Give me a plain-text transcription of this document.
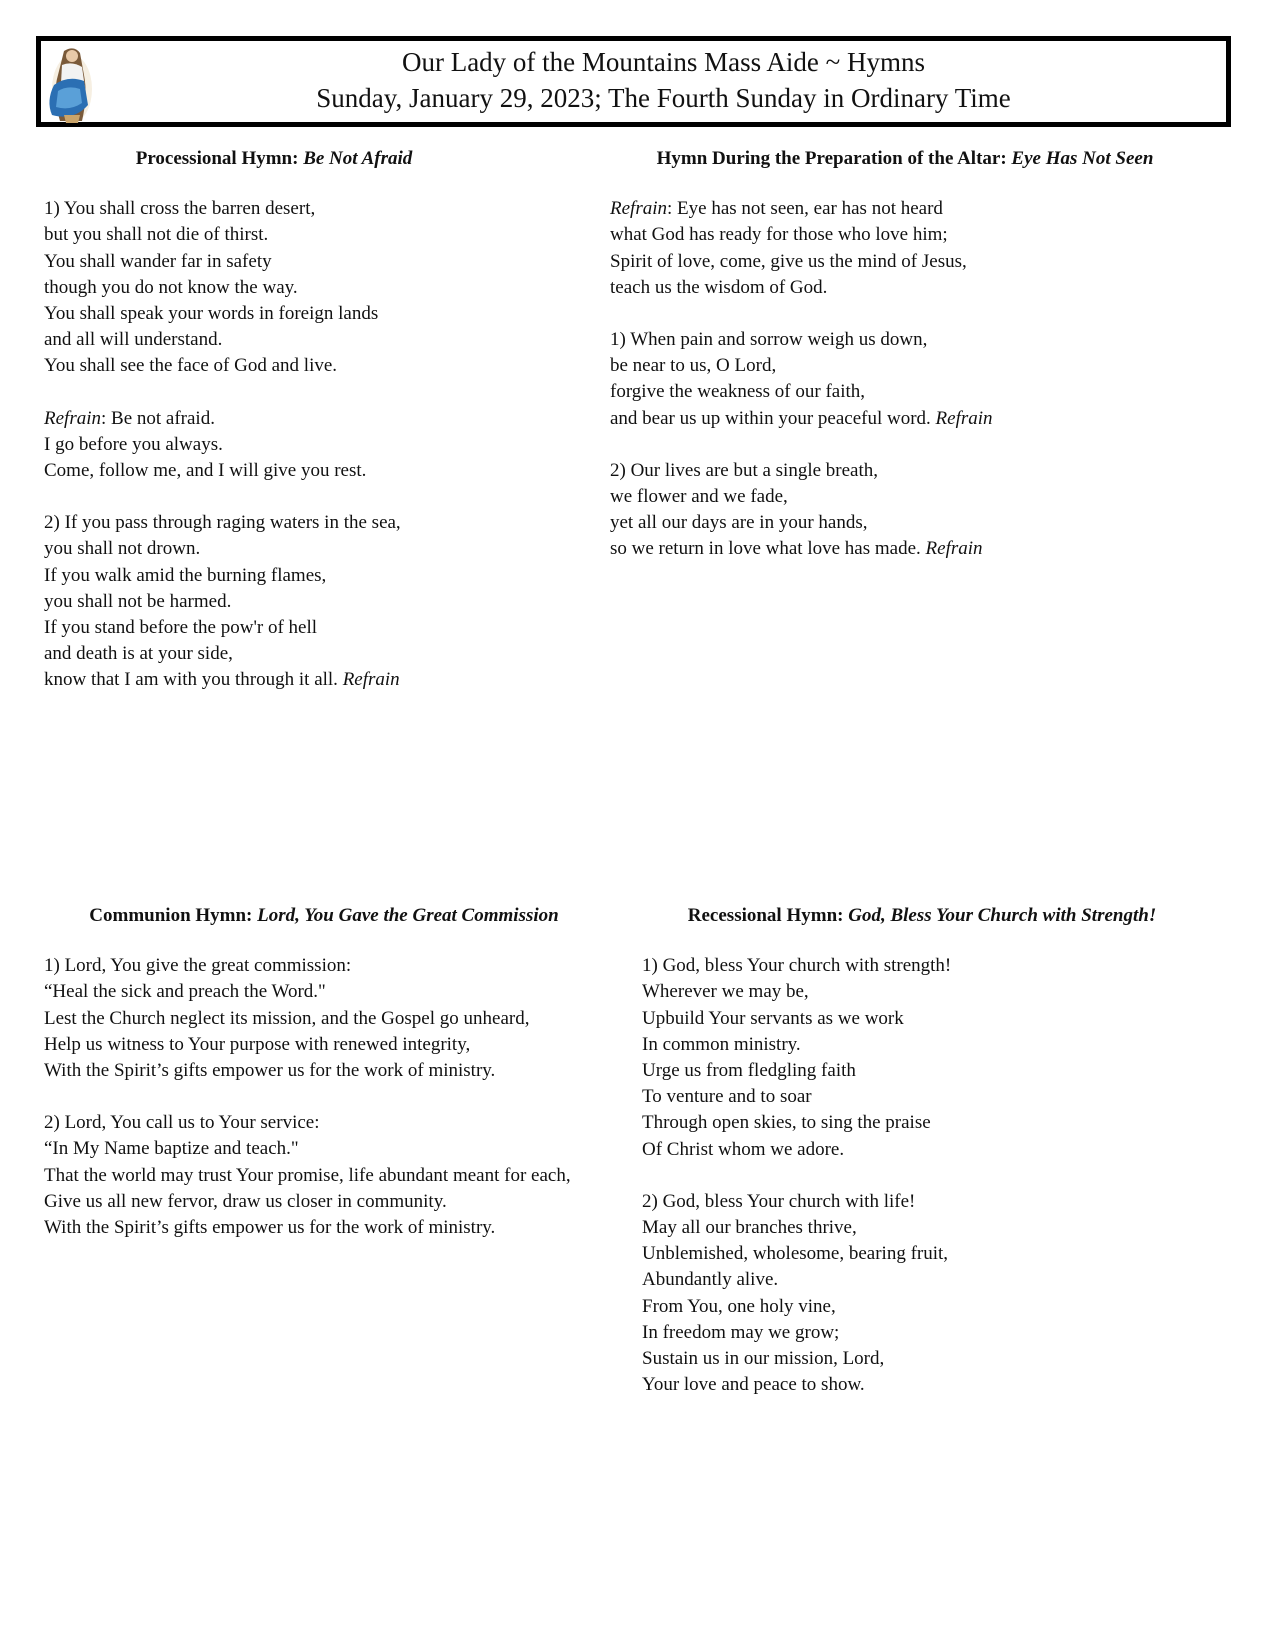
Our Lady of the Mountains Mass Aide ~ Hymns
Sunday, January 29, 2023; The Fourth Sunday in Ordinary Time
Processional Hymn: Be Not Afraid
1) You shall cross the barren desert,
but you shall not die of thirst.
You shall wander far in safety
though you do not know the way.
You shall speak your words in foreign lands
and all will understand.
You shall see the face of God and live.
Refrain: Be not afraid.
I go before you always.
Come, follow me, and I will give you rest.
2) If you pass through raging waters in the sea,
you shall not drown.
If you walk amid the burning flames,
you shall not be harmed.
If you stand before the pow'r of hell
and death is at your side,
know that I am with you through it all. Refrain
Hymn During the Preparation of the Altar: Eye Has Not Seen
Refrain: Eye has not seen, ear has not heard
what God has ready for those who love him;
Spirit of love, come, give us the mind of Jesus,
teach us the wisdom of God.
1) When pain and sorrow weigh us down,
be near to us, O Lord,
forgive the weakness of our faith,
and bear us up within your peaceful word. Refrain
2) Our lives are but a single breath,
we flower and we fade,
yet all our days are in your hands,
so we return in love what love has made. Refrain
Communion Hymn: Lord, You Gave the Great Commission
1) Lord, You give the great commission:
“Heal the sick and preach the Word."
Lest the Church neglect its mission, and the Gospel go unheard,
Help us witness to Your purpose with renewed integrity,
With the Spirit’s gifts empower us for the work of ministry.
2) Lord, You call us to Your service:
“In My Name baptize and teach."
That the world may trust Your promise, life abundant meant for each,
Give us all new fervor, draw us closer in community.
With the Spirit’s gifts empower us for the work of ministry.
Recessional Hymn: God, Bless Your Church with Strength!
1) God, bless Your church with strength!
Wherever we may be,
Upbuild Your servants as we work
In common ministry.
Urge us from fledgling faith
To venture and to soar
Through open skies, to sing the praise
Of Christ whom we adore.
2) God, bless Your church with life!
May all our branches thrive,
Unblemished, wholesome, bearing fruit,
Abundantly alive.
From You, one holy vine,
In freedom may we grow;
Sustain us in our mission, Lord,
Your love and peace to show.
